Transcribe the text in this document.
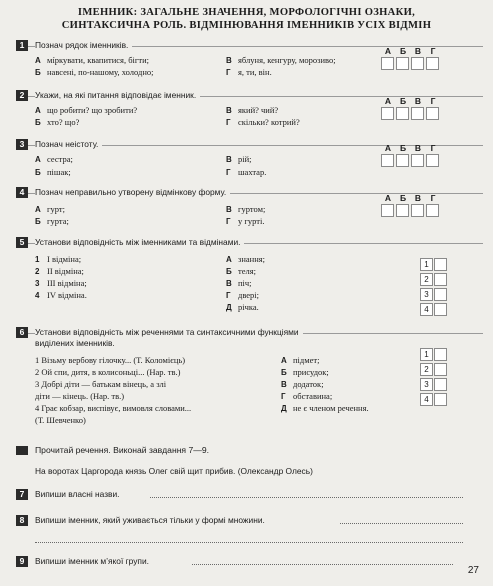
ІМЕННИК: ЗАГАЛЬНЕ ЗНАЧЕННЯ, МОРФОЛОГІЧНІ ОЗНАКИ,
СИНТАКСИЧНА РОЛЬ. ВІДМІНЮВАННЯ ІМЕННИКІВ УСІХ ВІДМІН
1	Познач рядок іменників.
А мíркувати, квапитися, бігти;
Б навсені, по-нашому, холодно;
В яблуня, кенгуру, морозиво;
Г я, ти, він.
А	Б	В	Г
2	Укажи, на які питання відповідає іменник.
А що робити? що зробити?
Б хто? що?
В який? чий?
Г скільки? котрий?
А	Б	В	Г
3	Познач неістоту.
А сестра;
Б пішак;
В рій;
Г шахтар.
А	Б	В	Г
4	Познач неправильно утворену відмінкову форму.
А гурт;
Б гурта;
В гуртом;
Г у гурті.
А	Б	В	Г
5	Установи відповідність між іменниками та відмінами.
1 I відміна;
2 II відміна;
3 III відміна;
4 IV відміна.
А знання;
Б теля;
В піч;
Г двері;
Д річка.
1
2
3
4
6	Установи відповідність між реченнями та синтаксичними функціями
виділених іменників.
1 Візьму вербову гілочку... (Т. Коломієць)
2 Ой спи, дитя, в колисоньці... (Нар. тв.)
3 Добрі діти — батькам вінець, а злі
діти — кінець. (Нар. тв.)
4 Грає кобзар, виспівує, вимовля словами...
(Т. Шевченко)
А підмет;
Б присудок;
В додаток;
Г обставина;
Д не є членом речення.
1
2
3
4
Прочитай речення. Виконай завдання 7—9.
На воротах Царгорода князь Олег свій щит прибив. (Олександр Олесь)
7	Випиши власні назви.
8	Випиши іменник, який уживається тільки у формі множини.
9	Випиши іменник м’якої групи.
27
